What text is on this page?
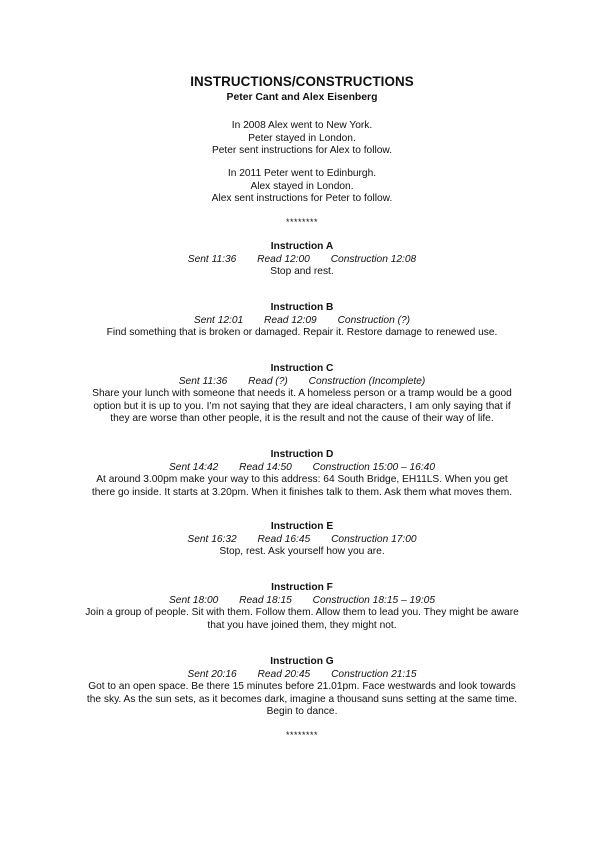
INSTRUCTIONS/CONSTRUCTIONS
Peter Cant and Alex Eisenberg
In 2008 Alex went to New York.
Peter stayed in London.
Peter sent instructions for Alex to follow.
In 2011 Peter went to Edinburgh.
Alex stayed in London.
Alex sent instructions for Peter to follow.
********
Instruction A
Sent 11:36 Read 12:00 Construction 12:08
Stop and rest.
Instruction B
Sent 12:01 Read 12:09 Construction (?)
Find something that is broken or damaged. Repair it. Restore damage to renewed use.
Instruction C
Sent 11:36 Read (?) Construction (Incomplete)
Share your lunch with someone that needs it. A homeless person or a tramp would be a good
option but it is up to you. I’m not saying that they are ideal characters, I am only saying that if
they are worse than other people, it is the result and not the cause of their way of life.
Instruction D
Sent 14:42 Read 14:50 Construction 15:00 – 16:40
At around 3.00pm make your way to this address: 64 South Bridge, EH11LS. When you get
there go inside. It starts at 3.20pm. When it finishes talk to them. Ask them what moves them.
Instruction E
Sent 16:32 Read 16:45 Construction 17:00
Stop, rest. Ask yourself how you are.
Instruction F
Sent 18:00 Read 18:15 Construction 18:15 – 19:05
Join a group of people. Sit with them. Follow them. Allow them to lead you. They might be aware
that you have joined them, they might not.
Instruction G
Sent 20:16 Read 20:45 Construction 21:15
Got to an open space. Be there 15 minutes before 21.01pm. Face westwards and look towards
the sky. As the sun sets, as it becomes dark, imagine a thousand suns setting at the same time.
Begin to dance.
********
